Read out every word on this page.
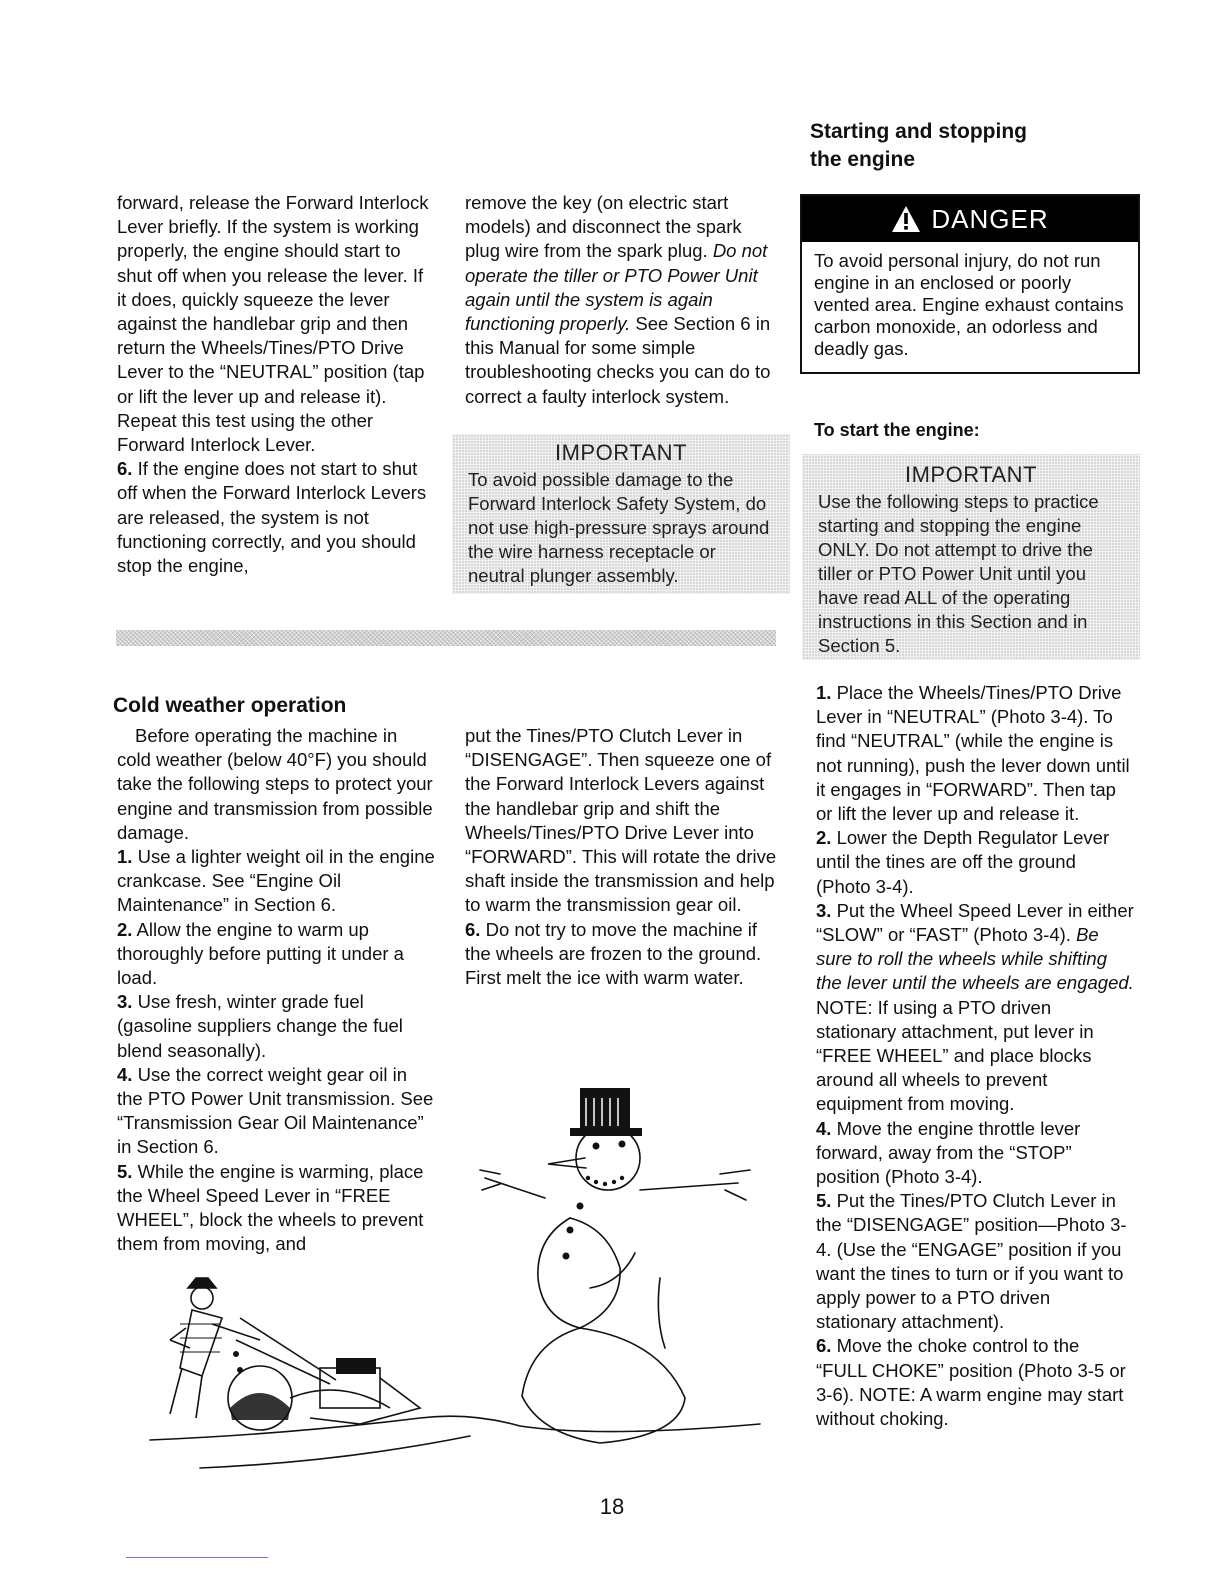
Starting and stopping
the engine

forward, release the Forward Interlock Lever briefly. If the system is working properly, the engine should start to shut off when you release the lever. If it does, quickly squeeze the lever against the handlebar grip and then return the Wheels/Tines/PTO Drive Lever to the “NEUTRAL” position (tap or lift the lever up and release it). Repeat this test using the other Forward Interlock Lever.

6. If the engine does not start to shut off when the Forward Interlock Levers are released, the system is not functioning correctly, and you should stop the engine,

remove the key (on electric start models) and disconnect the spark plug wire from the spark plug. Do not operate the tiller or PTO Power Unit again until the system is again functioning properly. See Section 6 in this Manual for some simple troubleshooting checks you can do to correct a faulty interlock system.

IMPORTANT
To avoid possible damage to the Forward Interlock Safety System, do not use high-pressure sprays around the wire harness receptacle or neutral plunger assembly.
DANGER
To avoid personal injury, do not run engine in an enclosed or poorly vented area. Engine exhaust contains carbon monoxide, an odorless and deadly gas.
To start the engine:
IMPORTANT
Use the following steps to practice starting and stopping the engine ONLY. Do not attempt to drive the tiller or PTO Power Unit until you have read ALL of the operating instructions in this Section and in Section 5.
Cold weather operation

Before operating the machine in cold weather (below 40°F) you should take the following steps to protect your engine and transmission from possible damage.

1. Use a lighter weight oil in the engine crankcase. See “Engine Oil Maintenance” in Section 6.

2. Allow the engine to warm up thoroughly before putting it under a load.

3. Use fresh, winter grade fuel (gasoline suppliers change the fuel blend seasonally).

4. Use the correct weight gear oil in the PTO Power Unit transmission. See “Transmission Gear Oil Maintenance” in Section 6.

5. While the engine is warming, place the Wheel Speed Lever in “FREE WHEEL”, block the wheels to prevent them from moving, and

put the Tines/PTO Clutch Lever in “DISENGAGE”. Then squeeze one of the Forward Interlock Levers against the handlebar grip and shift the Wheels/Tines/PTO Drive Lever into “FORWARD”. This will rotate the drive shaft inside the transmission and help to warm the transmission gear oil.

6. Do not try to move the machine if the wheels are frozen to the ground. First melt the ice with warm water.

1. Place the Wheels/Tines/PTO Drive Lever in “NEUTRAL” (Photo 3-4). To find “NEUTRAL” (while the engine is not running), push the lever down until it engages in “FORWARD”. Then tap or lift the lever up and release it.

2. Lower the Depth Regulator Lever until the tines are off the ground (Photo 3-4).

3. Put the Wheel Speed Lever in either “SLOW” or “FAST” (Photo 3-4). Be sure to roll the wheels while shifting the lever until the wheels are engaged.

NOTE: If using a PTO driven stationary attachment, put lever in “FREE WHEEL” and place blocks around all wheels to prevent equipment from moving.

4. Move the engine throttle lever forward, away from the “STOP” position (Photo 3-4).

5. Put the Tines/PTO Clutch Lever in the “DISENGAGE” position—Photo 3-4. (Use the “ENGAGE” position if you want the tines to turn or if you want to apply power to a PTO driven stationary attachment).

6. Move the choke control to the “FULL CHOKE” position (Photo 3-5 or 3-6). NOTE: A warm engine may start without choking.

18
